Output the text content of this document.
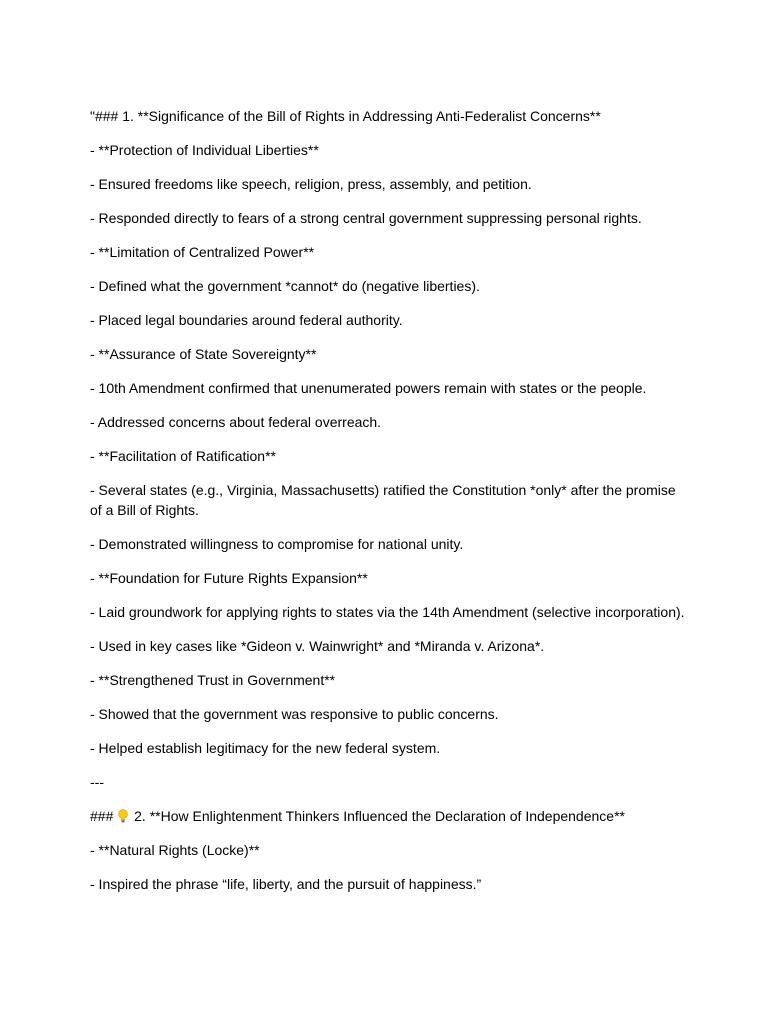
"### 1. **Significance of the Bill of Rights in Addressing Anti-Federalist Concerns**
- **Protection of Individual Liberties**
- Ensured freedoms like speech, religion, press, assembly, and petition.
- Responded directly to fears of a strong central government suppressing personal rights.
- **Limitation of Centralized Power**
- Defined what the government *cannot* do (negative liberties).
- Placed legal boundaries around federal authority.
- **Assurance of State Sovereignty**
- 10th Amendment confirmed that unenumerated powers remain with states or the people.
- Addressed concerns about federal overreach.
- **Facilitation of Ratification**
- Several states (e.g., Virginia, Massachusetts) ratified the Constitution *only* after the promise of a Bill of Rights.
- Demonstrated willingness to compromise for national unity.
- **Foundation for Future Rights Expansion**
- Laid groundwork for applying rights to states via the 14th Amendment (selective incorporation).
- Used in key cases like *Gideon v. Wainwright* and *Miranda v. Arizona*.
- **Strengthened Trust in Government**
- Showed that the government was responsive to public concerns.
- Helped establish legitimacy for the new federal system.
---
### 2. **How Enlightenment Thinkers Influenced the Declaration of Independence**
- **Natural Rights (Locke)**
- Inspired the phrase “life, liberty, and the pursuit of happiness.”
